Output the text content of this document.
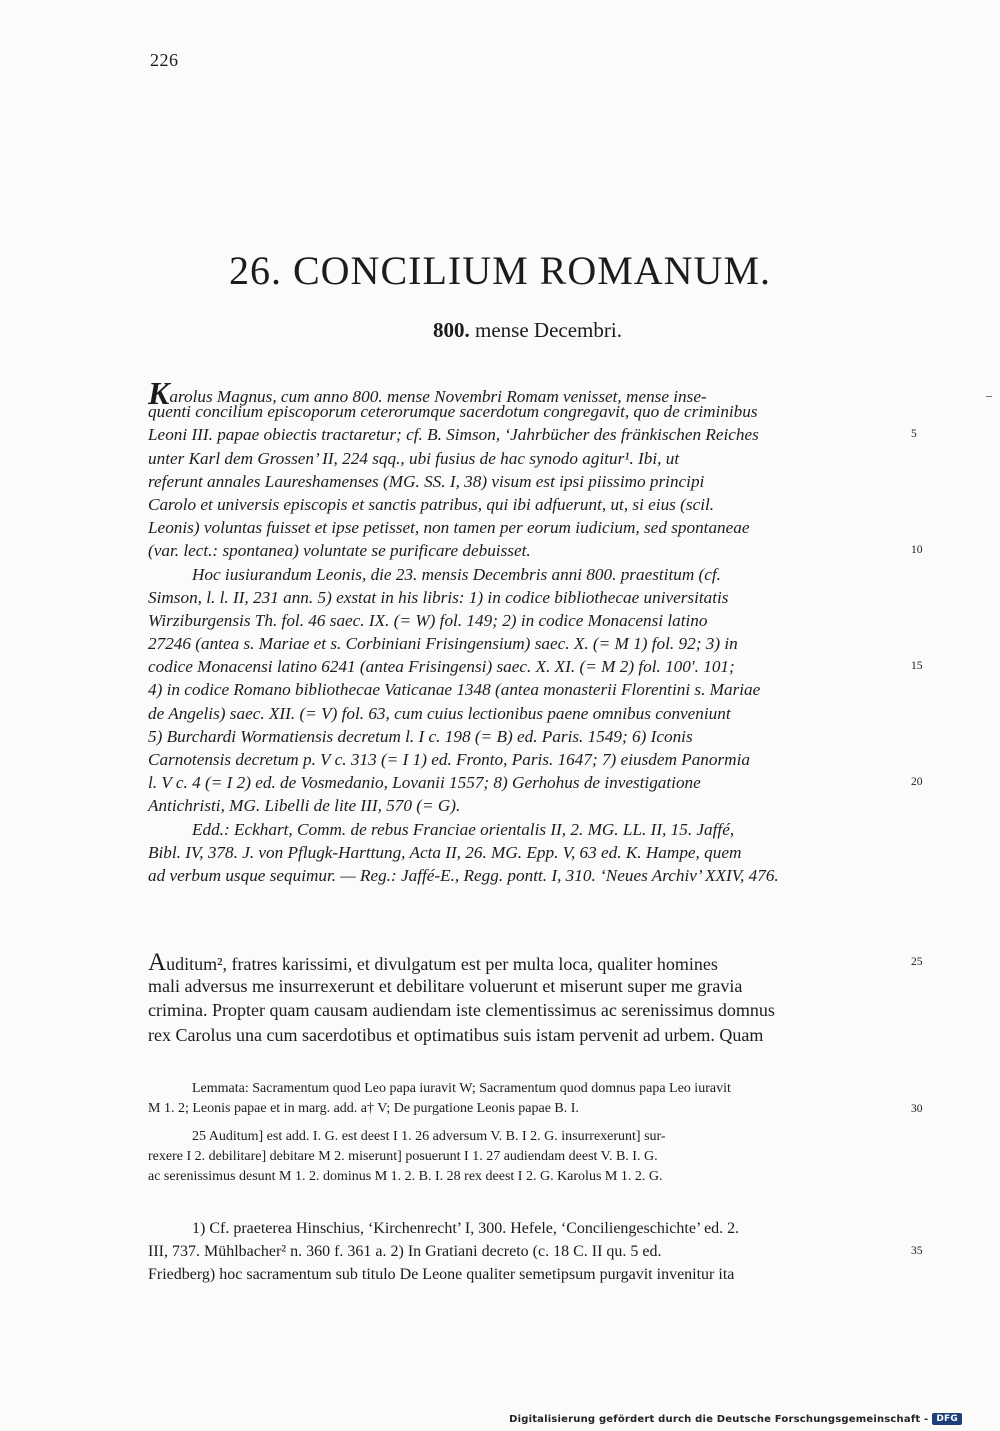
226
26. CONCILIUM ROMANUM.
800. mense Decembri.
Karolus Magnus, cum anno 800. mense Novembri Romam venisset, mense inse-
quenti concilium episcoporum ceterorumque sacerdotum congregavit, quo de criminibus
Leoni III. papae obiectis tractaretur; cf. B. Simson, ‘Jahrbücher des fränkischen Reiches	5
unter Karl dem Grossen’ II, 224 sqq., ubi fusius de hac synodo agitur¹. Ibi, ut
referunt annales Laureshamenses (MG. SS. I, 38) visum est ipsi piissimo principi
Carolo et universis episcopis et sanctis patribus, qui ibi adfuerunt, ut, si eius (scil.
Leonis) voluntas fuisset et ipse petisset, non tamen per eorum iudicium, sed spontaneae
(var. lect.: spontanea) voluntate se purificare debuisset.	10
Hoc iusiurandum Leonis, die 23. mensis Decembris anni 800. praestitum (cf.
Simson, l. l. II, 231 ann. 5) exstat in his libris: 1) in codice bibliothecae universitatis
Wirziburgensis Th. fol. 46 saec. IX. (= W) fol. 149; 2) in codice Monacensi latino
27246 (antea s. Mariae et s. Corbiniani Frisingensium) saec. X. (= M 1) fol. 92; 3) in
codice Monacensi latino 6241 (antea Frisingensi) saec. X. XI. (= M 2) fol. 100′. 101;	15
4) in codice Romano bibliothecae Vaticanae 1348 (antea monasterii Florentini s. Mariae
de Angelis) saec. XII. (= V) fol. 63, cum cuius lectionibus paene omnibus conveniunt
5) Burchardi Wormatiensis decretum l. I c. 198 (= B) ed. Paris. 1549; 6) Iconis
Carnotensis decretum p. V c. 313 (= I 1) ed. Fronto, Paris. 1647; 7) eiusdem Panormia
l. V c. 4 (= I 2) ed. de Vosmedanio, Lovanii 1557; 8) Gerhohus de investigatione	20
Antichristi, MG. Libelli de lite III, 570 (= G).
Edd.: Eckhart, Comm. de rebus Franciae orientalis II, 2. MG. LL. II, 15. Jaffé,
Bibl. IV, 378. J. von Pflugk-Harttung, Acta II, 26. MG. Epp. V, 63 ed. K. Hampe, quem
ad verbum usque sequimur. — Reg.: Jaffé-E., Regg. pontt. I, 310. ‘Neues Archiv’ XXIV, 476.
Auditum², fratres karissimi, et divulgatum est per multa loca, qualiter homines	25
mali adversus me insurrexerunt et debilitare voluerunt et miserunt super me gravia
crimina. Propter quam causam audiendam iste clementissimus ac serenissimus domnus
rex Carolus una cum sacerdotibus et optimatibus suis istam pervenit ad urbem. Quam
Lemmata: Sacramentum quod Leo papa iuravit W; Sacramentum quod domnus papa Leo iuravit
M 1. 2; Leonis papae et in marg. add. a† V; De purgatione Leonis papae B. I.	30
25 Auditum] est add. I. G. est deest I 1. 26 adversum V. B. I 2. G. insurrexerunt] sur-
rexere I 2. debilitare] debitare M 2. miserunt] posuerunt I 1. 27 audiendam deest V. B. I. G.
ac serenissimus desunt M 1. 2. dominus M 1. 2. B. I. 28 rex deest I 2. G. Karolus M 1. 2. G.
1) Cf. praeterea Hinschius, ‘Kirchenrecht’ I, 300. Hefele, ‘Conciliengeschichte’ ed. 2.
III, 737. Mühlbacher² n. 360 f. 361 a. 2) In Gratiani decreto (c. 18 C. II qu. 5 ed.	35
Friedberg) hoc sacramentum sub titulo De Leone qualiter semetipsum purgavit invenitur ita
Digitalisierung gefördert durch die Deutsche Forschungsgemeinschaft - DFG
